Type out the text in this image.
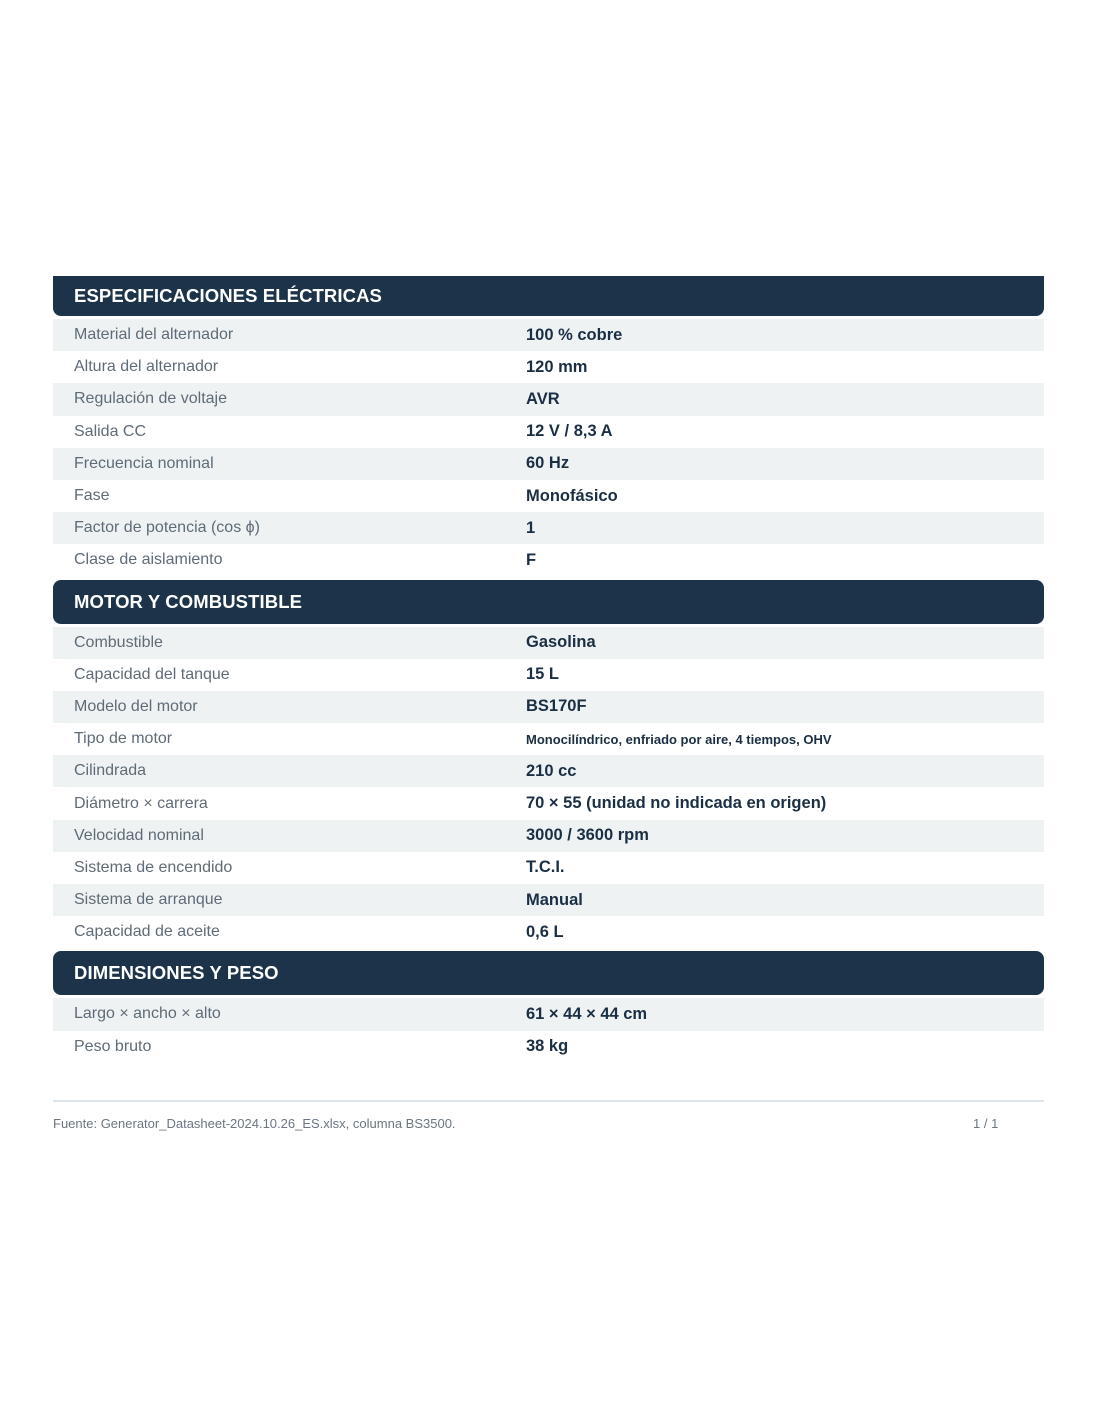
ESPECIFICACIONES ELÉCTRICAS
Material del alternador	100 % cobre
Altura del alternador	120 mm
Regulación de voltaje	AVR
Salida CC	12 V / 8,3 A
Frecuencia nominal	60 Hz
Fase	Monofásico
Factor de potencia (cos ϕ)	1
Clase de aislamiento	F
MOTOR Y COMBUSTIBLE
Combustible	Gasolina
Capacidad del tanque	15 L
Modelo del motor	BS170F
Tipo de motor	Monocilíndrico, enfriado por aire, 4 tiempos, OHV
Cilindrada	210 cc
Diámetro × carrera	70 × 55 (unidad no indicada en origen)
Velocidad nominal	3000 / 3600 rpm
Sistema de encendido	T.C.I.
Sistema de arranque	Manual
Capacidad de aceite	0,6 L
DIMENSIONES Y PESO
Largo × ancho × alto	61 × 44 × 44 cm
Peso bruto	38 kg
Fuente: Generator_Datasheet-2024.10.26_ES.xlsx, columna BS3500.	1 / 1
